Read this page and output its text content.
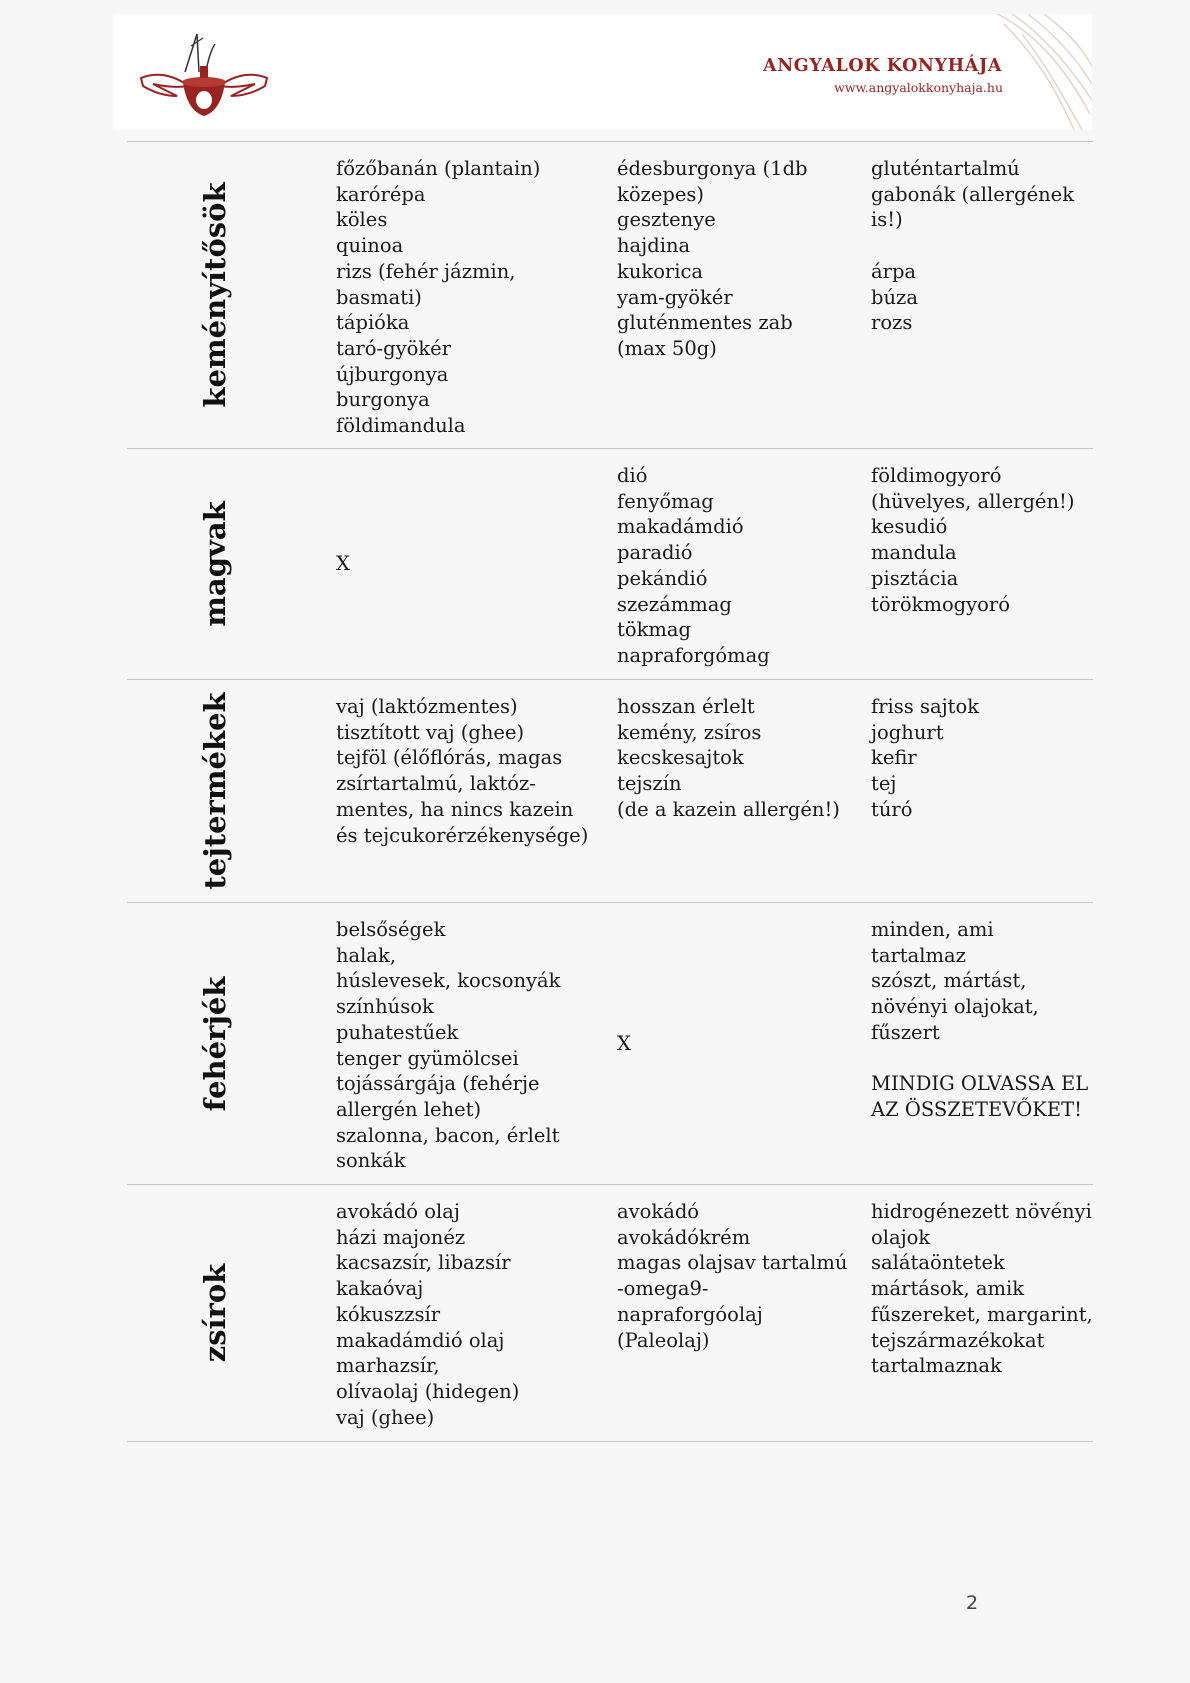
ANGYALOK KONYHÁJA
www.angyalokkonyhaja.hu
keményítősök
főzőbanán (plantain)
karórépa
köles
quinoa
rizs (fehér jázmin,
basmati)
tápióka
taró-gyökér
újburgonya
burgonya
földimandula
édesburgonya (1db
közepes)
gesztenye
hajdina
kukorica
yam-gyökér
gluténmentes zab
(max 50g)
gluténtartalmú
gabonák (allergének
is!)

árpa
búza
rozs
magvak	X
dió
fenyőmag
makadámdió
paradió
pekándió
szezámmag
tökmag
napraforgómag
földimogyoró
(hüvelyes, allergén!)
kesudió
mandula
pisztácia
törökmogyoró
tejtermékek	vaj (laktózmentes)
tisztított vaj (ghee)
tejföl (élőflórás, magas
zsírtartalmú, laktóz-
mentes, ha nincs kazein
és tejcukorérzékenysége)
hosszan érlelt
kemény, zsíros
kecskesajtok
tejszín
(de a kazein allergén!)
friss sajtok
joghurt
kefir
tej
túró
fehérjék
belsőségek
halak,
húslevesek, kocsonyák
színhúsok
puhatestűek
tenger gyümölcsei
tojássárgája (fehérje
allergén lehet)
szalonna, bacon, érlelt
sonkák
X
minden, ami tartalmaz
szószt, mártást,
növényi olajokat,
fűszert

MINDIG OLVASSA EL
AZ ÖSSZETEVŐKET!
zsírok
avokádó olaj
házi majonéz
kacsazsír, libazsír
kakaóvaj
kókuszzsír
makadámdió olaj
marhazsír,
olívaolaj (hidegen)
vaj (ghee)
avokádó
avokádókrém
magas olajsav tartalmú
-omega9-
napraforgóolaj
(Paleolaj)
hidrogénezett növényi
olajok
salátaöntetek
mártások, amik
fűszereket, margarint,
tejszármazékokat
tartalmaznak
2
